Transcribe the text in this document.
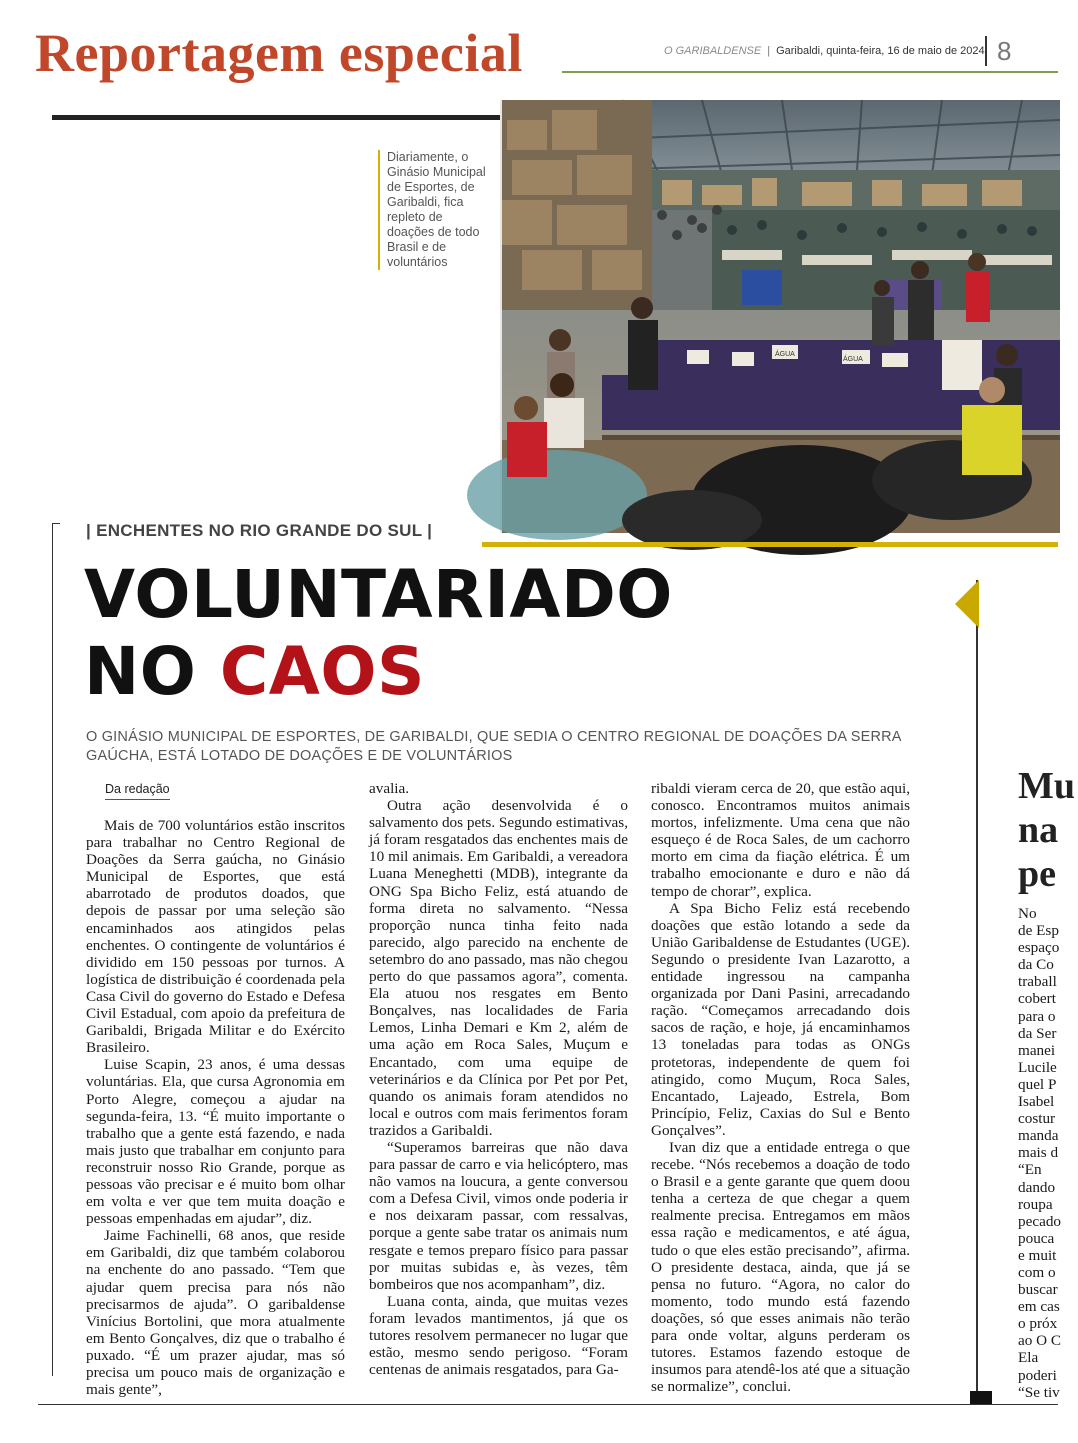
Reportagem especial	O GARIBALDENSE | Garibaldi, quinta-feira, 16 de maio de 2024 8
Diariamente, o Ginásio Municipal de Esportes, de Garibaldi, fica repleto de doações de todo Brasil e de voluntários
ÁGUA
ÁGUA
| ENCHENTES NO RIO GRANDE DO SUL |
VOLUNTARIADO
NO CAOS

O GINÁSIO MUNICIPAL DE ESPORTES, DE GARIBALDI, QUE SEDIA O CENTRO REGIONAL DE DOAÇÕES DA SERRA GAÚCHA, ESTÁ LOTADO DE DOAÇÕES E DE VOLUNTÁRIOS

Da redação

Mais de 700 voluntários estão inscritos para trabalhar no Centro Regional de Doações da Serra gaúcha, no Ginásio Municipal de Esportes, que está abarrotado de produtos doados, que depois de passar por uma seleção são encaminhados aos atingidos pelas enchentes. O contingente de voluntários é dividido em 150 pessoas por turnos. A logística de distribuição é coordenada pela Casa Civil do governo do Estado e Defesa Civil Estadual, com apoio da prefeitura de Garibaldi, Brigada Militar e do Exército Brasileiro.

Luise Scapin, 23 anos, é uma dessas voluntárias. Ela, que cursa Agronomia em Porto Alegre, começou a ajudar na segunda-feira, 13. “É muito importante o trabalho que a gente está fazendo, e nada mais justo que trabalhar em conjunto para reconstruir nosso Rio Grande, porque as pessoas vão precisar e é muito bom olhar em volta e ver que tem muita doação e pessoas empenhadas em ajudar”, diz.

Jaime Fachinelli, 68 anos, que reside em Garibaldi, diz que também colaborou na enchente do ano passado. “Tem que ajudar quem precisa para nós não precisarmos de ajuda”. O garibaldense Vinícius Bortolini, que mora atualmente em Bento Gonçalves, diz que o trabalho é puxado. “É um prazer ajudar, mas só precisa um pouco mais de organização e mais gente”,

avalia.

Outra ação desenvolvida é o salvamento dos pets. Segundo estimativas, já foram resgatados das enchentes mais de 10 mil animais. Em Garibaldi, a vereadora Luana Meneghetti (MDB), integrante da ONG Spa Bicho Feliz, está atuando de forma direta no salvamento. “Nessa proporção nunca tinha feito nada parecido, algo parecido na enchente de setembro do ano passado, mas não chegou perto do que passamos agora”, comenta. Ela atuou nos resgates em Bento Bonçalves, nas localidades de Faria Lemos, Linha Demari e Km 2, além de uma ação em Roca Sales, Muçum e Encantado, com uma equipe de veterinários e da Clínica por Pet por Pet, quando os animais foram atendidos no local e outros com mais ferimentos foram trazidos a Garibaldi.

“Superamos barreiras que não dava para passar de carro e via helicóptero, mas não vamos na loucura, a gente conversou com a Defesa Civil, vimos onde poderia ir e nos deixaram passar, com ressalvas, porque a gente sabe tratar os animais num resgate e temos preparo físico para passar por muitas subidas e, às vezes, têm bombeiros que nos acompanham”, diz.

Luana conta, ainda, que muitas vezes foram levados mantimentos, já que os tutores resolvem permanecer no lugar que estão, mesmo sendo perigoso. “Foram centenas de animais resgatados, para Ga-

ribaldi vieram cerca de 20, que estão aqui, conosco. Encontramos muitos animais mortos, infelizmente. Uma cena que não esqueço é de Roca Sales, de um cachorro morto em cima da fiação elétrica. É um trabalho emocionante e duro e não dá tempo de chorar”, explica.

A Spa Bicho Feliz está recebendo doações que estão lotando a sede da União Garibaldense de Estudantes (UGE). Segundo o presidente Ivan Lazarotto, a entidade ingressou na campanha organizada por Dani Pasini, arrecadando ração. “Começamos arrecadando dois sacos de ração, e hoje, já encaminhamos 13 toneladas para todas as ONGs protetoras, independente de quem foi atingido, como Muçum, Roca Sales, Encantado, Lajeado, Estrela, Bom Princípio, Feliz, Caxias do Sul e Bento Gonçalves”.

Ivan diz que a entidade entrega o que recebe. “Nós recebemos a doação de todo o Brasil e a gente garante que quem doou tenha a certeza de que chegar a quem realmente precisa. Entregamos em mãos essa ração e medicamentos, e até água, tudo o que eles estão precisando”, afirma. O presidente destaca, ainda, que já se pensa no futuro. “Agora, no calor do momento, todo mundo está fazendo doações, só que esses animais não terão para onde voltar, alguns perderam os tutores. Estamos fazendo estoque de insumos para atendê-los até que a situação se normalize”, conclui.

Mu
na
pe
No
de Esp
espaço
da Co
traball
cobert
para o
da Ser
manei
Lucile
quel P
Isabel
costur
manda
mais d
“En
dando
roupa
pecado
pouca
e muit
com o
buscar
em cas
o próx
ao O C
Ela
poderi
“Se tiv
